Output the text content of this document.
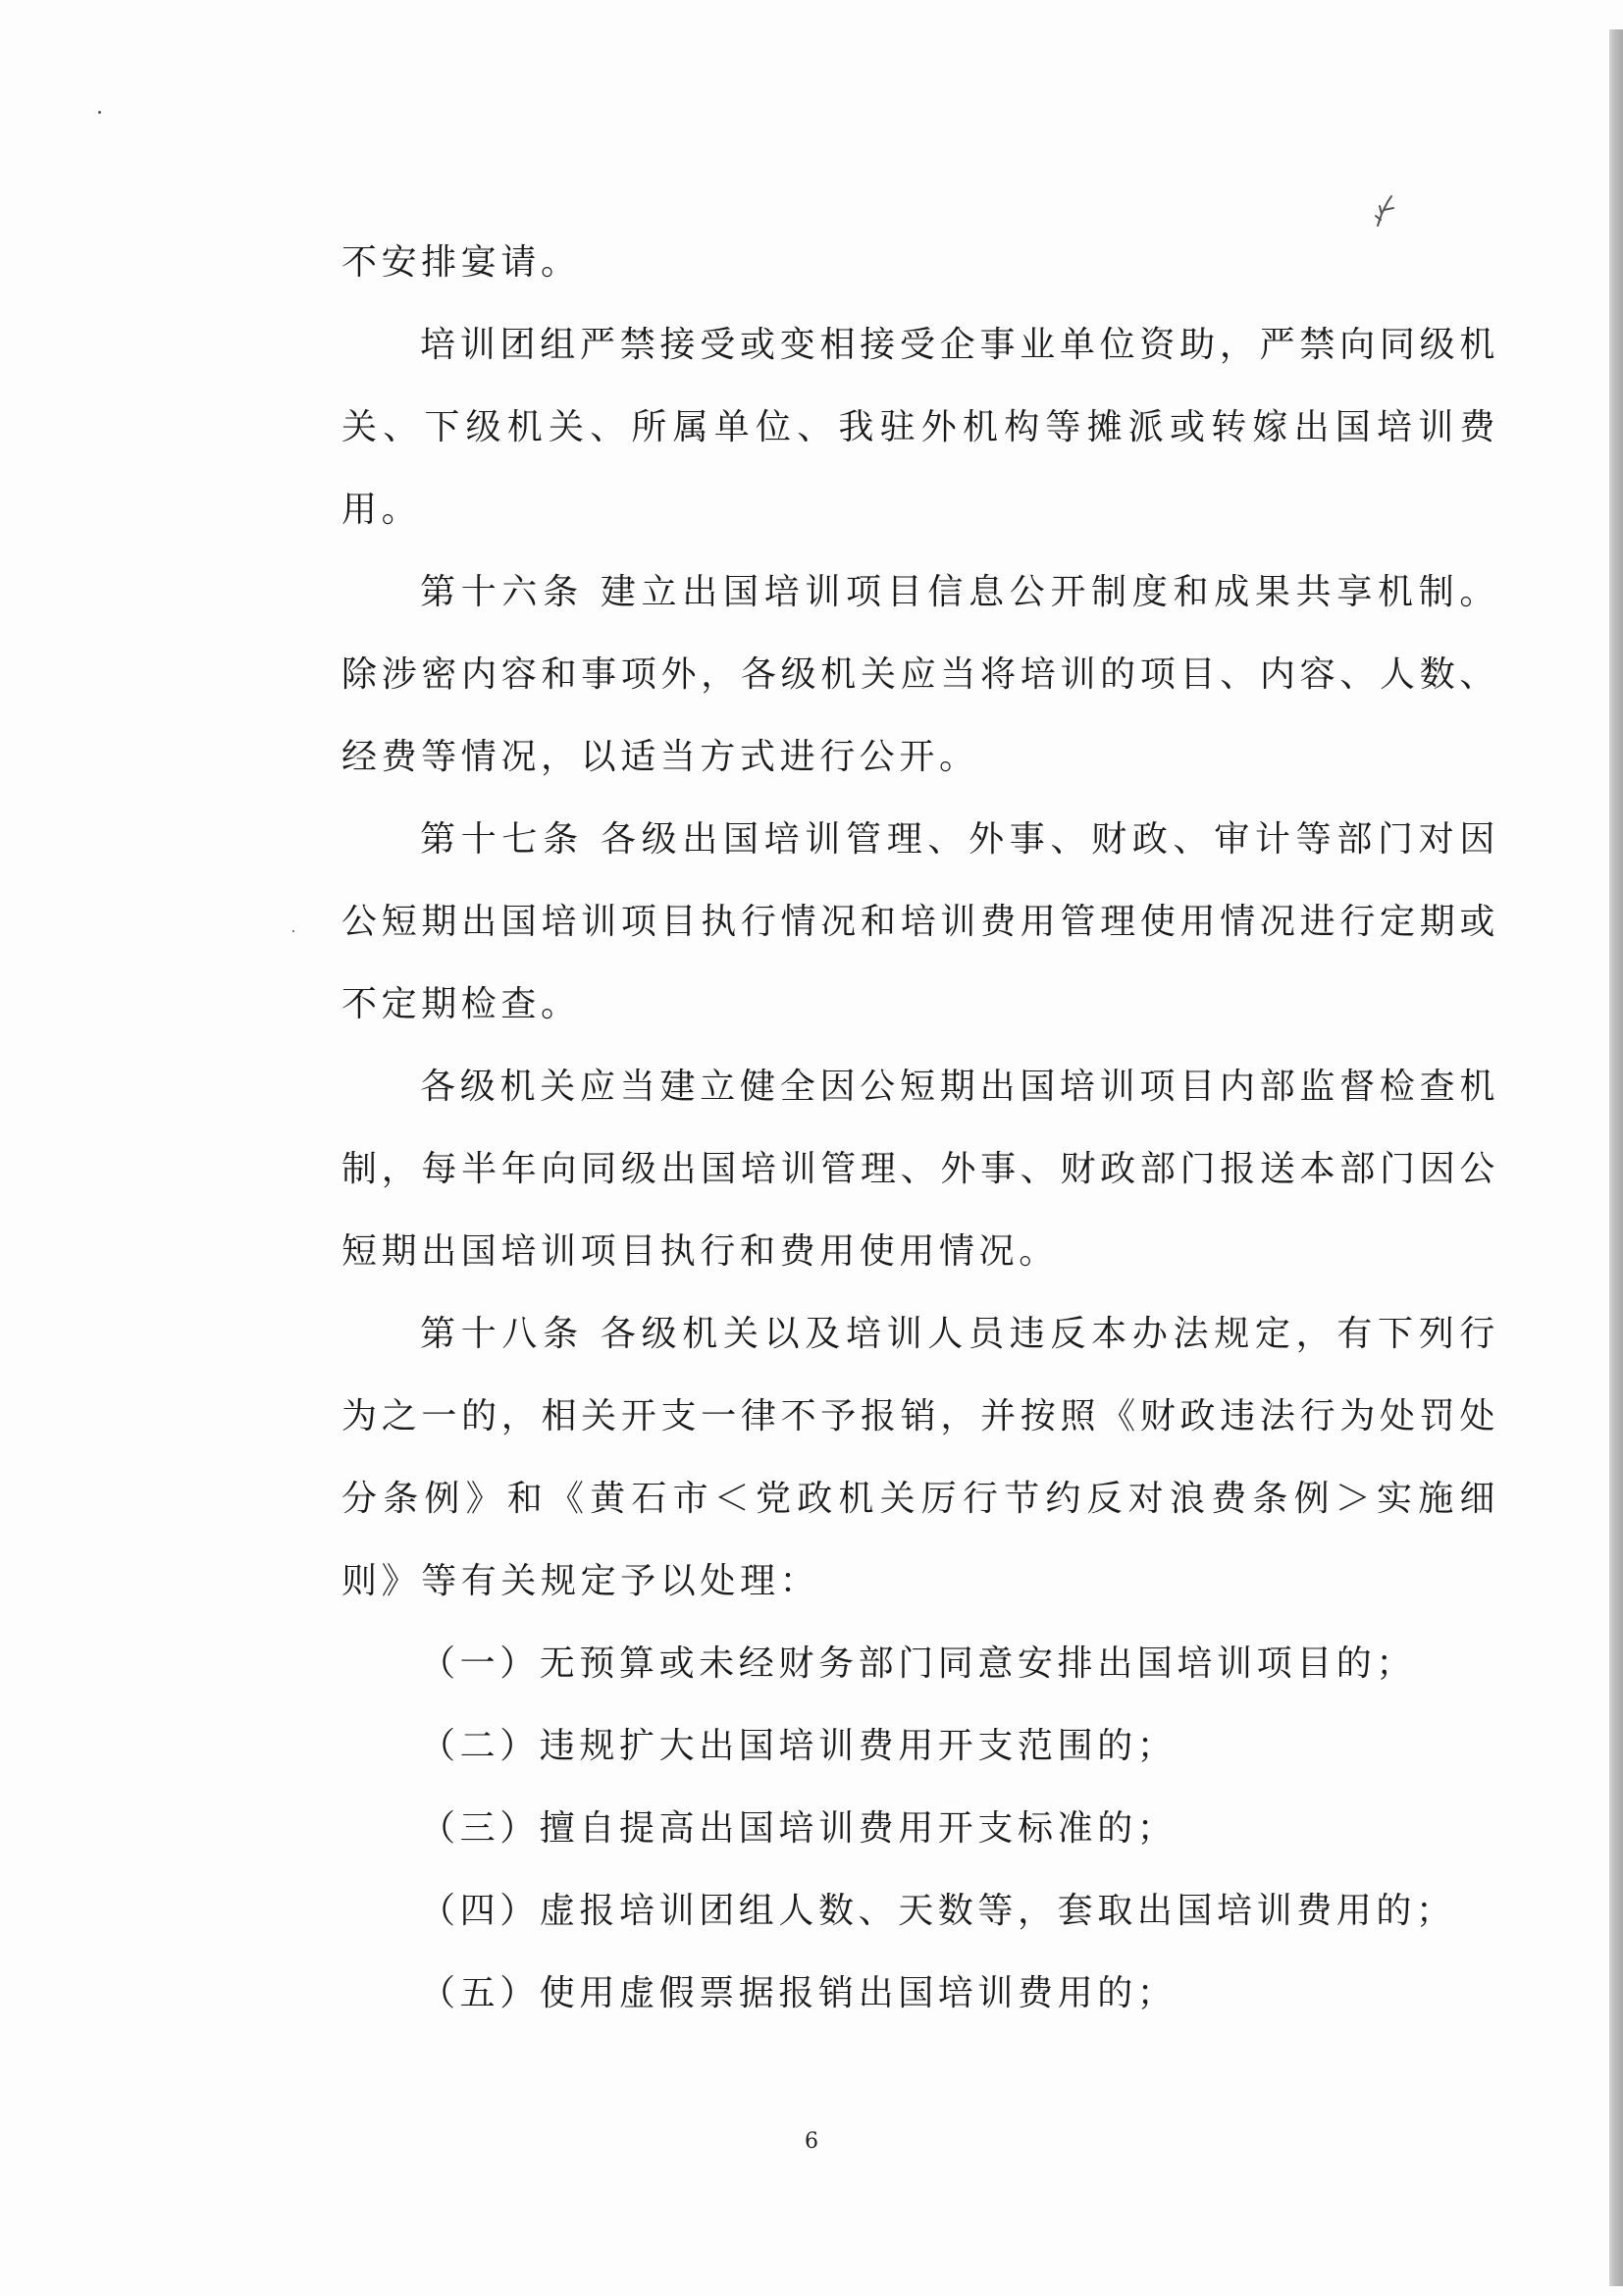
不安排宴请。

培训团组严禁接受或变相接受企事业单位资助，严禁向同级机关、下级机关、所属单位、我驻外机构等摊派或转嫁出国培训费用。

第十六条 建立出国培训项目信息公开制度和成果共享机制。除涉密内容和事项外，各级机关应当将培训的项目、内容、人数、经费等情况，以适当方式进行公开。

第十七条 各级出国培训管理、外事、财政、审计等部门对因公短期出国培训项目执行情况和培训费用管理使用情况进行定期或不定期检查。

各级机关应当建立健全因公短期出国培训项目内部监督检查机制，每半年向同级出国培训管理、外事、财政部门报送本部门因公短期出国培训项目执行和费用使用情况。

第十八条 各级机关以及培训人员违反本办法规定，有下列行为之一的，相关开支一律不予报销，并按照《财政违法行为处罚处分条例》和《黄石市＜党政机关厉行节约反对浪费条例＞实施细则》等有关规定予以处理：

（一）无预算或未经财务部门同意安排出国培训项目的；

（二）违规扩大出国培训费用开支范围的；

（三）擅自提高出国培训费用开支标准的；

（四）虚报培训团组人数、天数等，套取出国培训费用的；

（五）使用虚假票据报销出国培训费用的；

6
